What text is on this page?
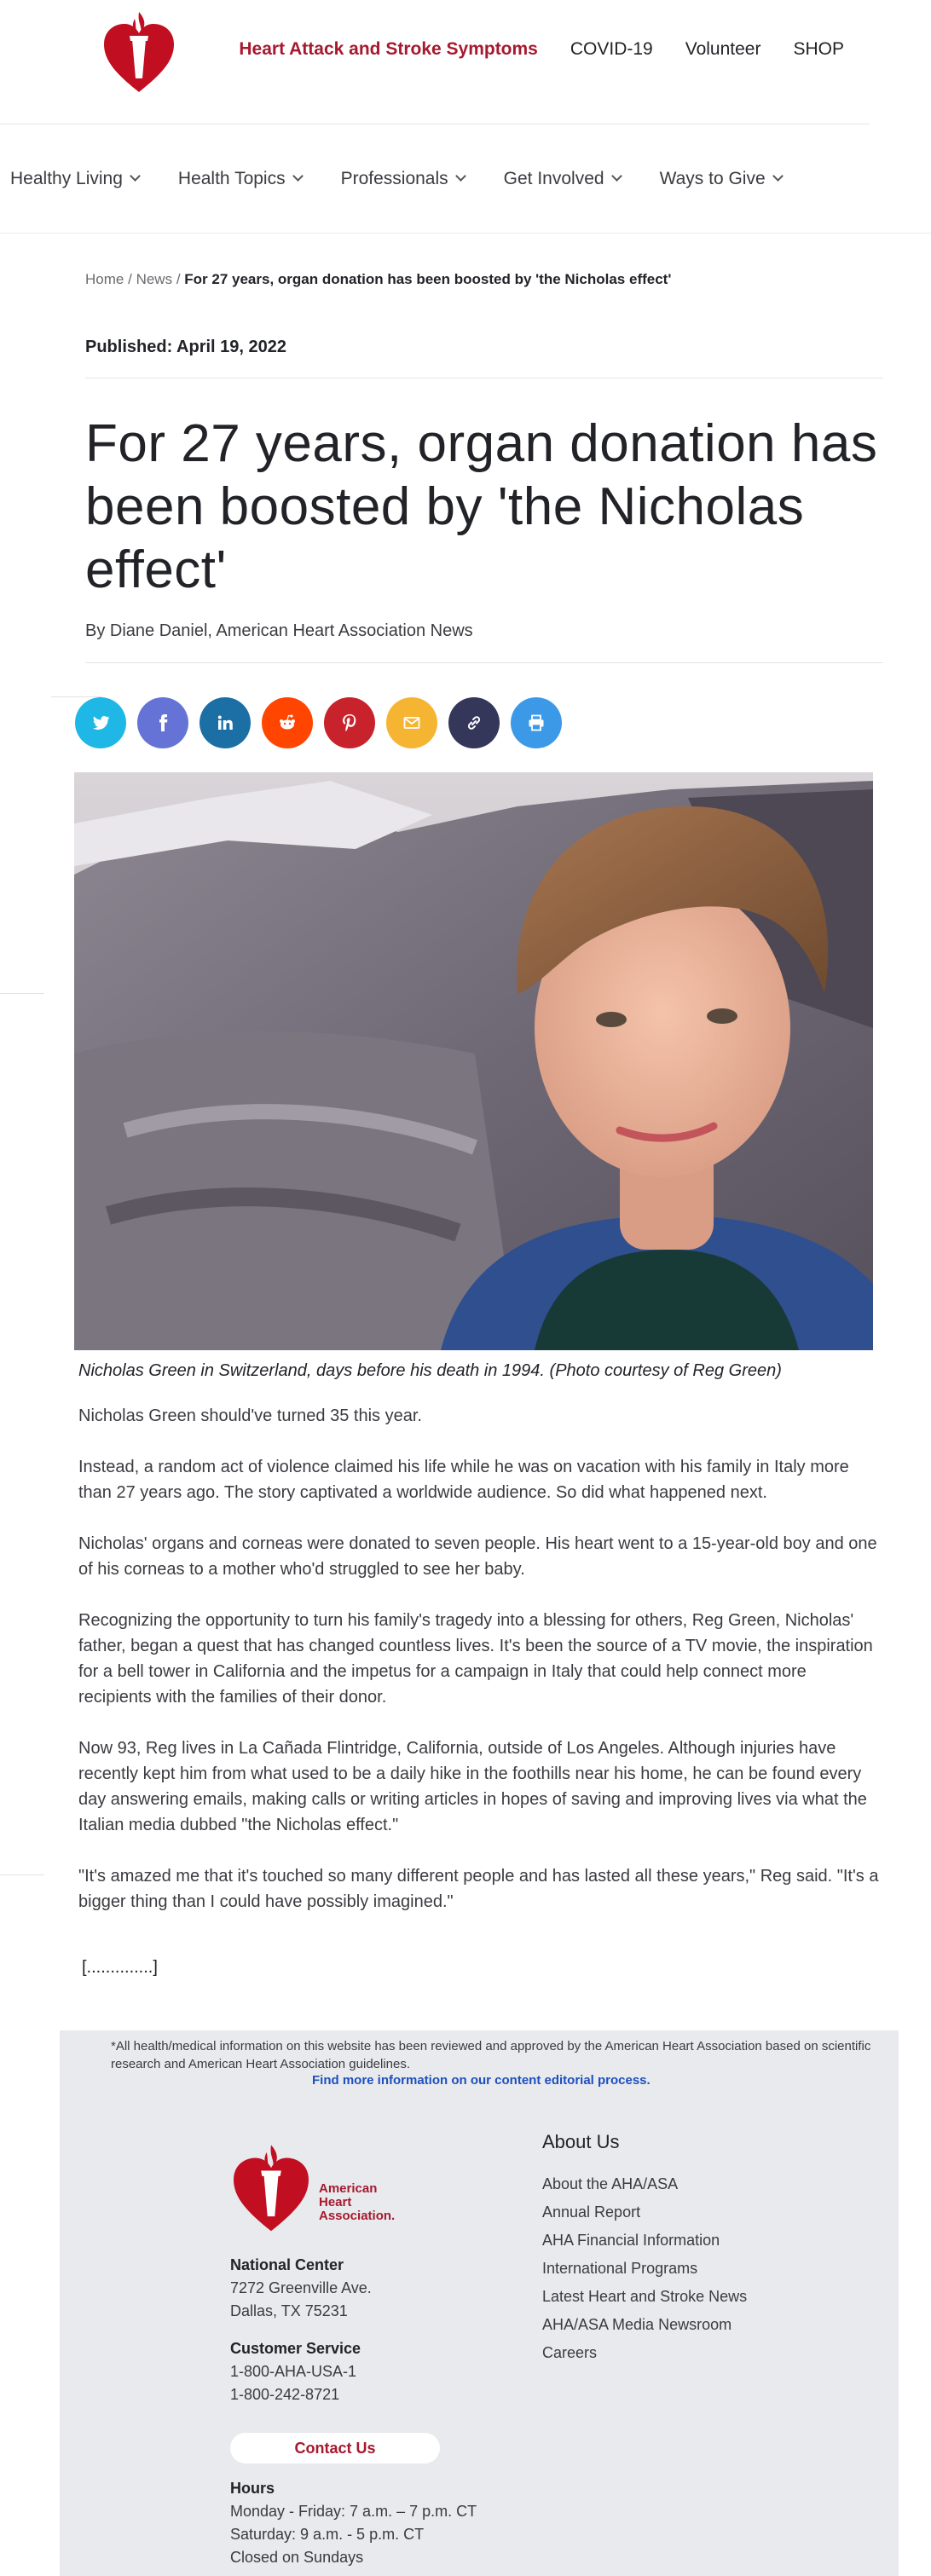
Heart Attack and Stroke Symptoms COVID-19 Volunteer SHOP
Healthy Living	Health Topics	Professionals	Get Involved	Ways to Give
Home / News / For 27 years, organ donation has been boosted by 'the Nicholas effect'
Published: April 19, 2022
For 27 years, organ donation has been boosted by 'the Nicholas effect'
By Diane Daniel, American Heart Association News
Nicholas Green in Switzerland, days before his death in 1994. (Photo courtesy of Reg Green)

Nicholas Green should've turned 35 this year.

Instead, a random act of violence claimed his life while he was on vacation with his family in Italy more than 27 years ago. The story captivated a worldwide audience. So did what happened next.

Nicholas' organs and corneas were donated to seven people. His heart went to a 15-year-old boy and one of his corneas to a mother who'd struggled to see her baby.

Recognizing the opportunity to turn his family's tragedy into a blessing for others, Reg Green, Nicholas' father, began a quest that has changed countless lives. It's been the source of a TV movie, the inspiration for a bell tower in California and the impetus for a campaign in Italy that could help connect more recipients with the families of their donor.

Now 93, Reg lives in La Cañada Flintridge, California, outside of Los Angeles. Although injuries have recently kept him from what used to be a daily hike in the foothills near his home, he can be found every day answering emails, making calls or writing articles in hopes of saving and improving lives via what the Italian media dubbed "the Nicholas effect."

"It's amazed me that it's touched so many different people and has lasted all these years," Reg said. "It's a bigger thing than I could have possibly imagined."

[..............]
*All health/medical information on this website has been reviewed and approved by the American Heart Association based on scientific research and American Heart Association guidelines.
Find more information on our content editorial process.
American
Heart
Association.
National Center
7272 Greenville Ave.
Dallas, TX 75231
Customer Service
1-800-AHA-USA-1
1-800-242-8721
Contact Us
Hours
Monday - Friday: 7 a.m. – 7 p.m. CT
Saturday: 9 a.m. - 5 p.m. CT
Closed on Sundays
About Us
About the AHA/ASA
Annual Report
AHA Financial Information
International Programs
Latest Heart and Stroke News
AHA/ASA Media Newsroom
Careers
